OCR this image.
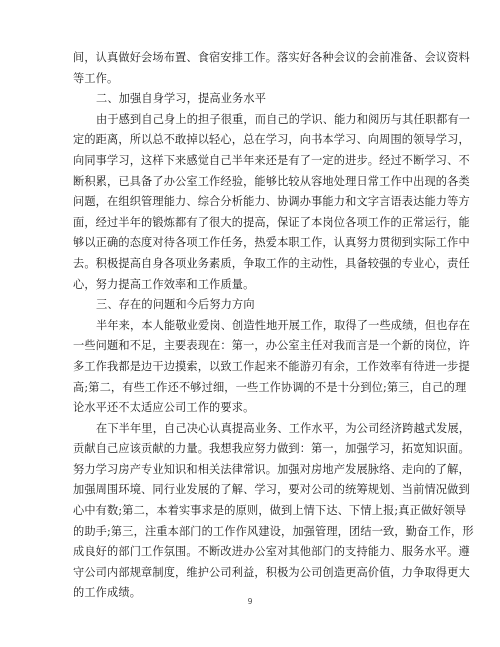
间，认真做好会场布置、食宿安排工作。落实好各种会议的会前准备、会议资料
等工作。
二、加强自身学习，提高业务水平
由于感到自己身上的担子很重，而自己的学识、能力和阅历与其任职都有一
定的距离，所以总不敢掉以轻心，总在学习，向书本学习、向周围的领导学习，
向同事学习，这样下来感觉自己半年来还是有了一定的进步。经过不断学习、不
断积累，已具备了办公室工作经验，能够比较从容地处理日常工作中出现的各类
问题，在组织管理能力、综合分析能力、协调办事能力和文字言语表达能力等方
面，经过半年的锻炼都有了很大的提高，保证了本岗位各项工作的正常运行，能
够以正确的态度对待各项工作任务，热爱本职工作，认真努力贯彻到实际工作中
去。积极提高自身各项业务素质，争取工作的主动性，具备较强的专业心，责任
心，努力提高工作效率和工作质量。
三、存在的问题和今后努力方向
半年来，本人能敬业爱岗、创造性地开展工作，取得了一些成绩，但也存在
一些问题和不足，主要表现在：第一，办公室主任对我而言是一个新的岗位，许
多工作我都是边干边摸索，以致工作起来不能游刃有余，工作效率有待进一步提
高;第二，有些工作还不够过细，一些工作协调的不是十分到位;第三，自己的理
论水平还不太适应公司工作的要求。
在下半年里，自己决心认真提高业务、工作水平，为公司经济跨越式发展，
贡献自己应该贡献的力量。我想我应努力做到：第一，加强学习，拓宽知识面。
努力学习房产专业知识和相关法律常识。加强对房地产发展脉络、走向的了解，
加强周围环境、同行业发展的了解、学习，要对公司的统筹规划、当前情况做到
心中有数;第二，本着实事求是的原则，做到上情下达、下情上报;真正做好领导
的助手;第三，注重本部门的工作作风建设，加强管理，团结一致，勤奋工作，形
成良好的部门工作氛围。不断改进办公室对其他部门的支持能力、服务水平。遵
守公司内部规章制度，维护公司利益，积极为公司创造更高价值，力争取得更大
的工作成绩。
9
